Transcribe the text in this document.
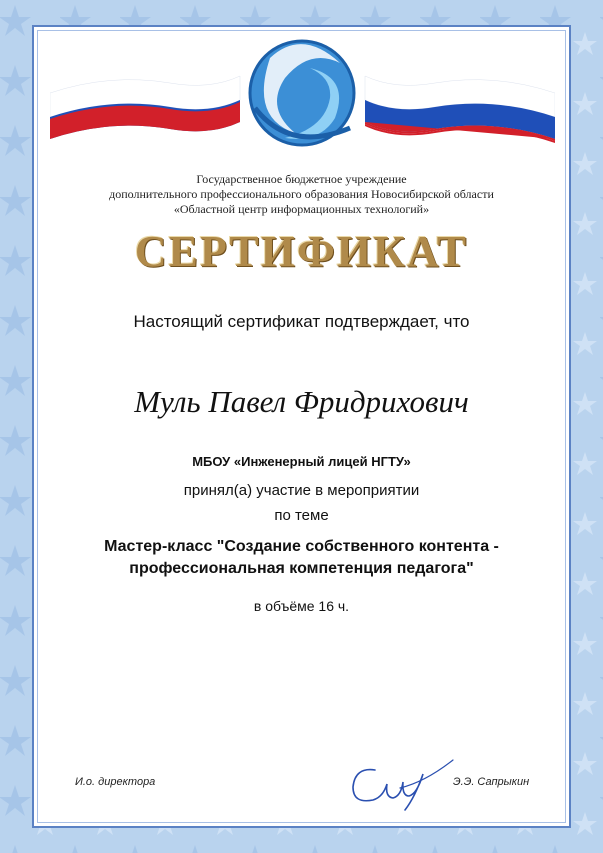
Государственное бюджетное учреждение
дополнительного профессионального образования Новосибирской области
«Областной центр информационных технологий»
СЕРТИФИКАТ
Настоящий сертификат подтверждает, что
Муль Павел Фридрихович
МБОУ «Инженерный лицей НГТУ»
принял(а) участие в мероприятии
по теме
Мастер-класс "Создание собственного контента -
профессиональная компетенция педагога"
в объёме 16 ч.
И.о. директора	Э.Э. Сапрыкин
